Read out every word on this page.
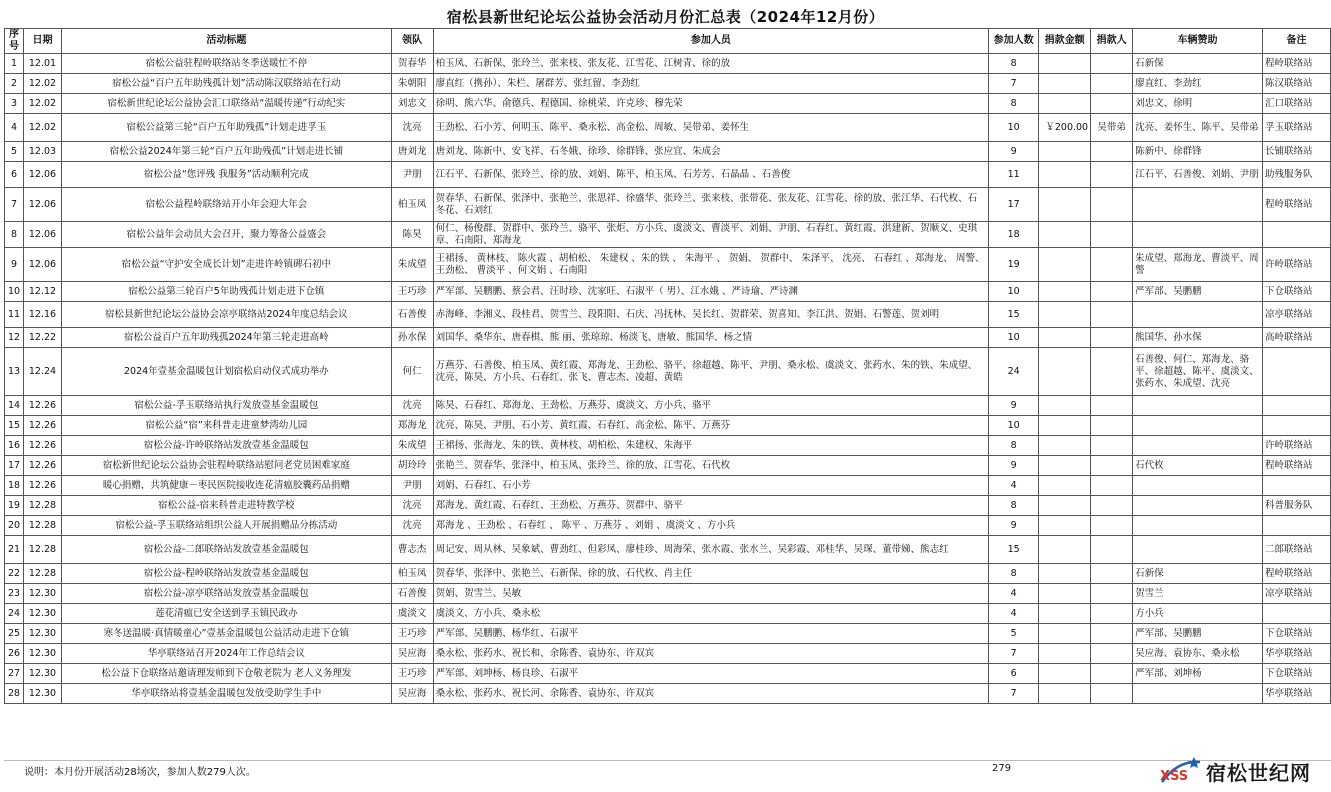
宿松县新世纪论坛公益协会活动月份汇总表（2024年12月份）
序号	日期	活动标题	领队	参加人员	参加人数	捐款金额	捐款人	车辆赞助	备注
1	12.01	宿松公益驻程岭联络站冬季送暖忙不停	贺春华	柏玉凤、石新保、张玲兰、张来枝、张友花、江雪花、江树青、徐的放	8			石新保	程岭联络站
2	12.02	宿松公益“百户五年助残孤计划”活动陈汉联络站在行动	朱朝阳	廖直红（携孙）、朱栏、屠群芳、张红留、李劲红	7			廖直红、李劲红	陈汉联络站
3	12.02	宿松新世纪论坛公益协会汇口联络站“温暖传递”行动纪实	刘忠文	徐明、熊六华、俞德兵、程德国、徐桃荣、许克珍、穆先荣	8			刘忠文、徐明	汇口联络站
4	12.02	宿松公益第三轮“百户五年助残孤”计划走进孚玉	沈亮	王劲松、石小芳、何明玉、陈平、桑永松、高金松、周敏、吴带弟、姜怀生	10	￥200.00	吴带弟	沈亮、姜怀生、陈平、吴带弟	孚玉联络站
5	12.03	宿松公益2024年第三轮“百户五年助残孤”计划走进长铺	唐刘龙	唐刘龙、陈新中、安飞祥、石冬娥、徐珍、徐群锋、张应宜、朱成会	9			陈新中、徐群锋	长铺联络站
6	12.06	宿松公益“您评残 我服务”活动顺利完成	尹朋	江石平、石新保、张玲兰、徐的放、刘娟、陈平、柏玉凤、石芳芳、石晶晶 、石善俊	11			江石平、石善俊、刘娟、尹朋	助残服务队
7	12.06	宿松公益程岭联络站开小年会迎大年会	柏玉凤	贺春华、石新保、张泽中、张艳兰、张思祥、徐盛华、张玲兰、张来枝、张带花、张友花、江雪花、徐的放、张江华、石代枚、石冬花、石刘红	17				程岭联络站
8	12.06	宿松公益年会动员大会召开，聚力筹备公益盛会	陈昊	何仁、杨俊群、贺群中、张玲兰、骆平、张炬、方小兵、虞淡文、曹淡平、刘娟、尹朋、石春红、黄红霞、洪建新、贺顺义、史琪章、石南阳、郑海龙	18				
9	12.06	宿松公益“守护安全成长计划”走进许岭镇碑石初中	朱成望	王裙扬、 黄林枝、 陈火霞 、胡柏松、 朱建权 、朱的铁 、 朱海平 、 贺娟、 贺群中、 朱泽平、 沈亮、 石春红 、郑海龙、 周警、 王劲松、 曹淡平 、何文娟 、石南阳	19			朱成望、郑海龙、曹淡平、周警	许岭联络站
10	12.12	宿松公益第三轮百户5年助残孤计划走进下仓镇	王巧珍	严军部、吴鹏鹏、蔡会君、汪时珍、沈家旺、石淑平（ 男）、江水娥 、严诗瑜、严诗渊	10			严军部、吴鹏鹏	下仓联络站
11	12.16	宿松县新世纪论坛公益协会凉亭联络站2024年度总结会议	石善俊	赤海峰、李湘义、段桂君、贺雪兰、段阳阳、石庆、冯抚林、吴长红、贺群荣、贺喜知、李江洪、贺娟、石警莲、贺刘明	15				凉亭联络站
12	12.22	宿松公益百户五年助残孤2024年第三轮走进高岭	孙水保	刘国华、桑华东、唐春棋、熊 丽、张琼琼、杨淡飞、唐敏、熊国华、杨之情	10			熊国华、孙水保	高岭联络站
13	12.24	2024年壹基金温暖包计划宿松启动仪式成功举办	何仁	万燕芬、石善俊、柏玉凤、黄红霞、郑海龙、王劲松、骆平、徐超越、陈平、尹朋、桑永松、虞淡文、张药水、朱的铁、朱成望、沈亮、陈昊、方小兵、石春红、张飞、曹志杰、凌超、黄皓	24			石善俊、何仁、郑海龙、骆平、徐超越、陈平、虞淡文、张药水、朱成望、沈亮	
14	12.26	宿松公益-孚玉联络站执行发放壹基金温暖包	沈亮	陈昊、石春红、郑海龙、王劲松、万燕芬、虞淡文、方小兵、骆平	9				
15	12.26	宿松公益“宿”来科普走进童梦湾幼儿园	郑海龙	沈亮、陈昊、尹朋、石小芳、黄红霞、石春红、高金松、陈平、万燕芬	10				
16	12.26	宿松公益-许岭联络站发放壹基金温暖包	朱成望	王裙扬、张海龙、朱的铁、黄林枝、胡柏松、朱建权、朱海平	8				许岭联络站
17	12.26	宿松新世纪论坛公益协会驻程岭联络站慰问老党员困难家庭	胡玲玲	张艳兰、贺春华、张泽中、柏玉凤、张玲兰、徐的放、江雪花、石代枚	9			石代枚	程岭联络站
18	12.26	暖心捐赠，共筑健康－枣民医院接收连花清瘟胶囊药品捐赠	尹朋	刘娟、石春红、石小芳	4				
19	12.28	宿松公益-宿来科普走进特教学校	沈亮	郑海龙、黄红霞、石春红、王劲松、万燕芬、贺群中、骆平	8				科普服务队
20	12.28	宿松公益-孚玉联络站组织公益人开展捐赠品分拣活动	沈亮	郑海龙 、王劲松 、石春红 、 陈平 、万燕芬 、刘娟 、虞淡文 、方小兵	9				
21	12.28	宿松公益-二郎联络站发放壹基金温暖包	曹志杰	周记安、周从林、吴象斌、曹劲红、但彩凤、廖桂珍、周海荣、张水霞、张水兰、吴彩霞、邓桂华、吴琛、董带娣、熊志红	15				二郎联络站
22	12.28	宿松公益-程岭联络站发放壹基金温暖包	柏玉凤	贺春华、张泽中、张艳兰、石新保、徐的放、石代枚、肖主任	8			石新保	程岭联络站
23	12.30	宿松公益-凉亭联络站发放壹基金温暖包	石善俊	贺娟、贺雪兰、吴敏	4			贺雪兰	凉亭联络站
24	12.30	莲花清瘟已安全送到孚玉镇民政办	虞淡文	虞淡文、方小兵、桑永松	4			方小兵	
25	12.30	寒冬送温暖·真情暖童心”壹基金温暖包公益活动走进下仓镇	王巧珍	严军部、吴鹏鹏、杨华红、石淑平	5			严军部、吴鹏鹏	下仓联络站
26	12.30	华亭联络站召开2024年工作总结会议	吴应海	桑永松、张药水、祝长和、余陈香、袁协东、许双宾	7			吴应海、袁协东、桑永松	华亭联络站
27	12.30	松公益下仓联络站邀请理发师到下仓敬老院为 老人义务理发	王巧珍	严军部、刘坤杨、杨良珍、石淑平	6			严军部、刘坤杨	下仓联络站
28	12.30	华亭联络站将壹基金温暖包发放受助学生手中	吴应海	桑永松、张药水、祝长河、余陈香、袁协东、许双宾	7				华亭联络站
说明：本月份开展活动28场次，参加人数279人次。	279
XSS 宿松世纪网
